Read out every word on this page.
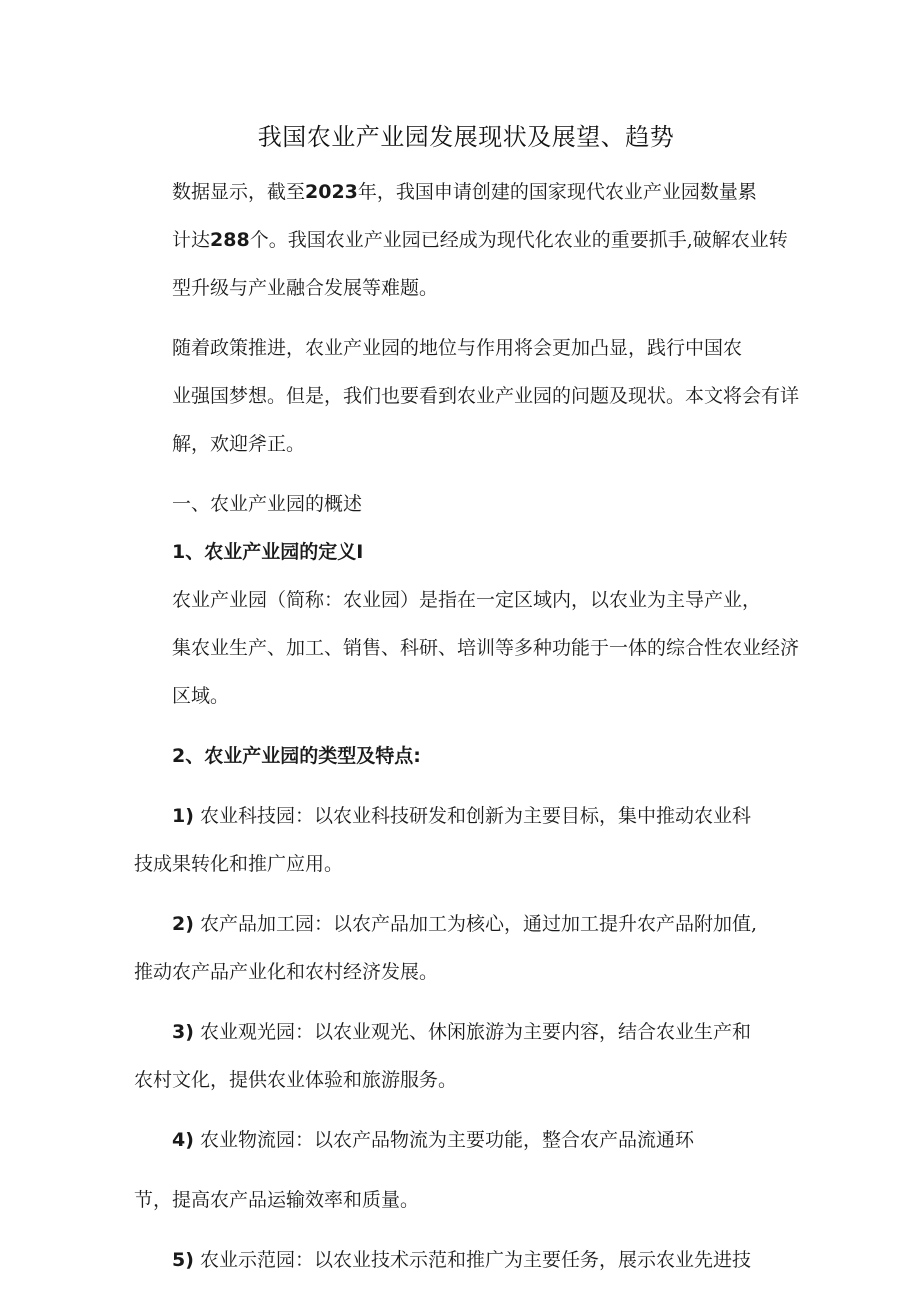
我国农业产业园发展现状及展望、趋势

数据显示，截至2023年，我国申请创建的国家现代农业产业园数量累
计达288个。我国农业产业园已经成为现代化农业的重要抓手,破解农业转
型升级与产业融合发展等难题。

随着政策推进，农业产业园的地位与作用将会更加凸显，践行中国农
业强国梦想。但是，我们也要看到农业产业园的问题及现状。本文将会有详
解，欢迎斧正。

一、农业产业园的概述
1、农业产业园的定义I

农业产业园（简称：农业园）是指在一定区域内，以农业为主导产业，
集农业生产、加工、销售、科研、培训等多种功能于一体的综合性农业经济
区域。

2、农业产业园的类型及特点:
1) 农业科技园：以农业科技研发和创新为主要目标，集中推动农业科
技成果转化和推广应用。
2) 农产品加工园：以农产品加工为核心，通过加工提升农产品附加值,
推动农产品产业化和农村经济发展。
3) 农业观光园：以农业观光、休闲旅游为主要内容，结合农业生产和
农村文化，提供农业体验和旅游服务。
4) 农业物流园：以农产品物流为主要功能，整合农产品流通环
节，提高农产品运输效率和质量。
5) 农业示范园：以农业技术示范和推广为主要任务，展示农业先进技
